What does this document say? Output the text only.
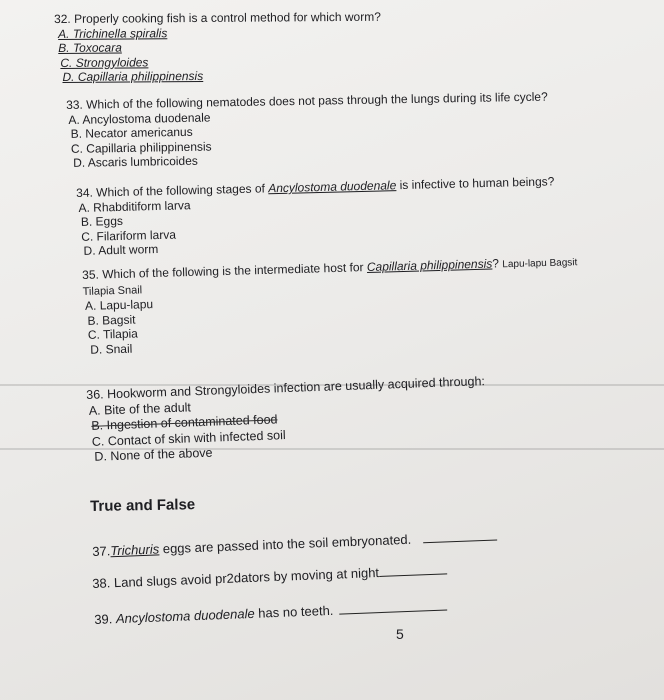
32. Properly cooking fish is a control method for which worm?
A. Trichinella spiralis
B. Toxocara
C. Strongyloides
D. Capillaria philippinensis
33. Which of the following nematodes does not pass through the lungs during its life cycle?
A. Ancylostoma duodenale
B. Necator americanus
C. Capillaria philippinensis
D. Ascaris lumbricoides
34. Which of the following stages of Ancylostoma duodenale is infective to human beings?
A. Rhabditiform larva
B. Eggs
C. Filariform larva
D. Adult worm
35. Which of the following is the intermediate host for Capillaria philippinensis? Lapu-lapu Bagsit
Tilapia Snail
A. Lapu-lapu
B. Bagsit
C. Tilapia
D. Snail
36. Hookworm and Strongyloides infection are usually acquired through:
A. Bite of the adult
B. Ingestion of contaminated food
C. Contact of skin with infected soil
D. None of the above
True and False
37.Trichuris eggs are passed into the soil embryonated.
38. Land slugs avoid pr2dators by moving at night
39. Ancylostoma duodenale has no teeth.
5
